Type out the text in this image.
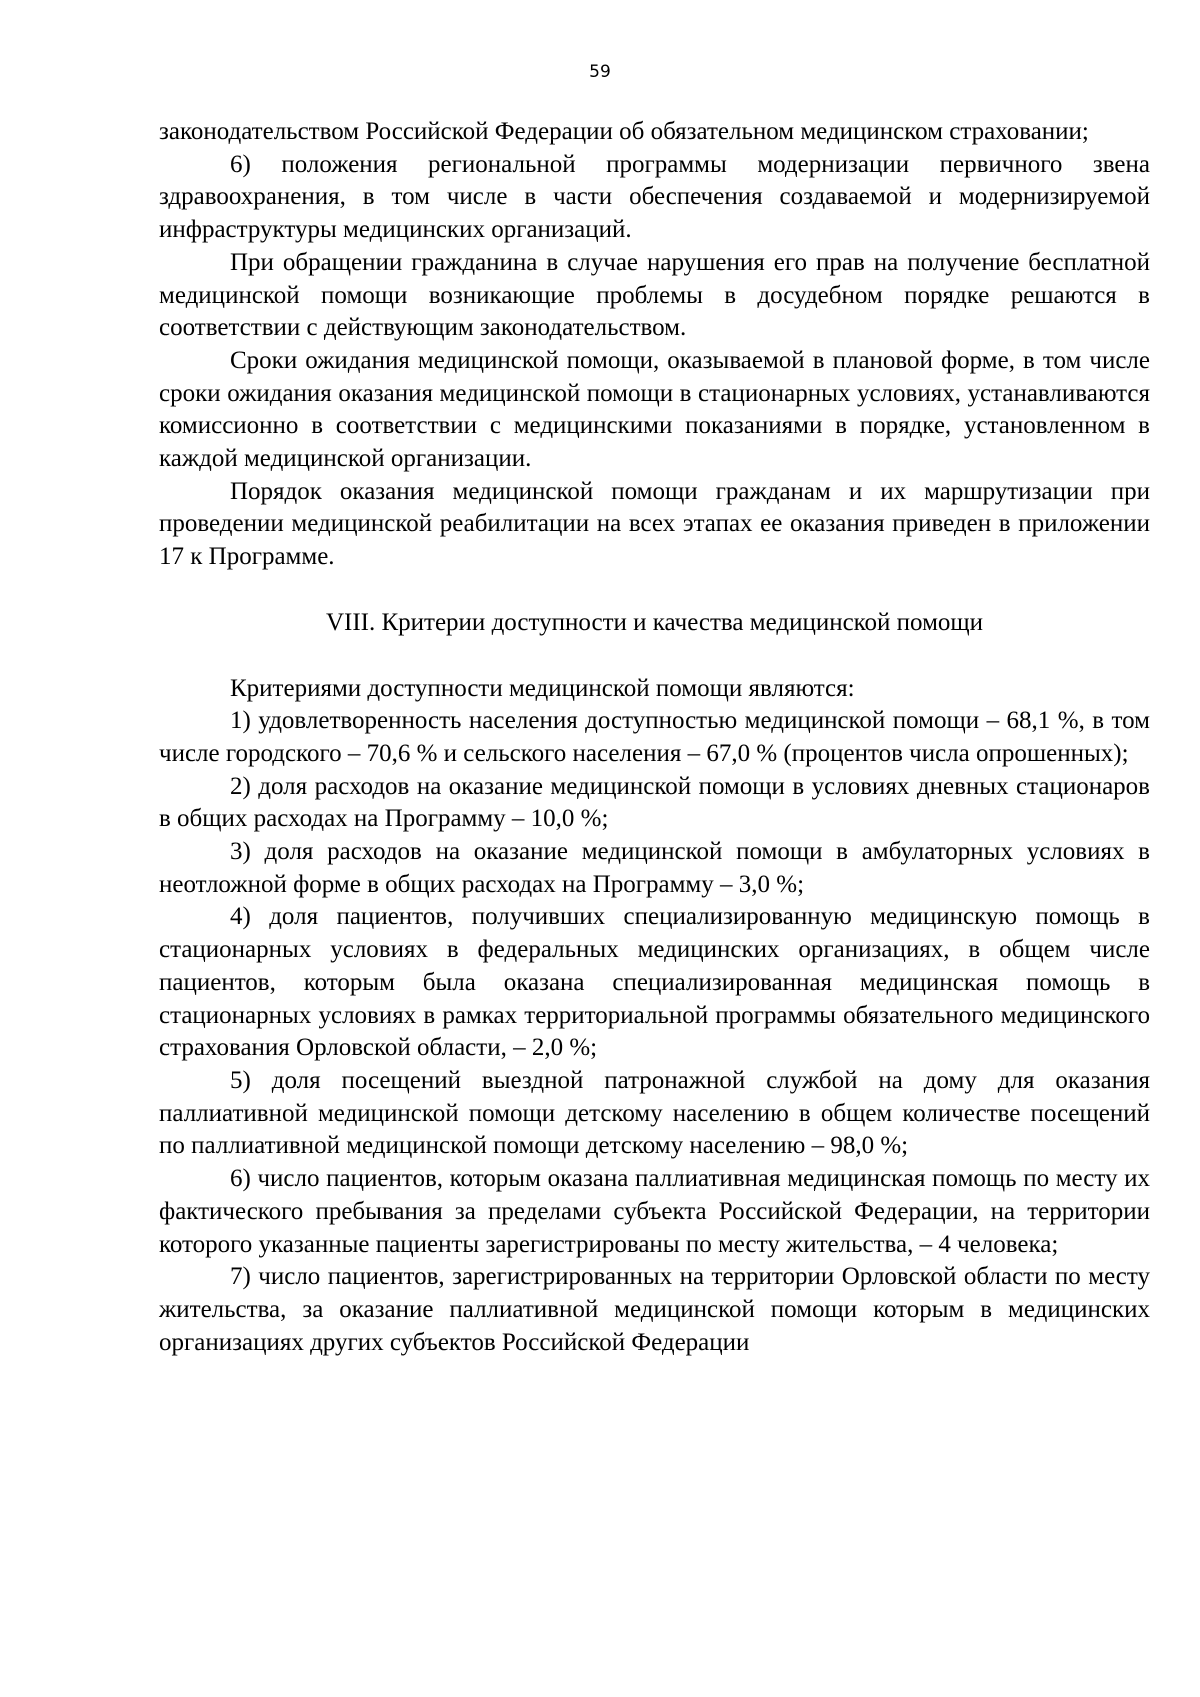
59

законодательством Российской Федерации об обязательном медицинском страховании;

6) положения региональной программы модернизации первичного звена здравоохранения, в том числе в части обеспечения создаваемой и модернизируемой инфраструктуры медицинских организаций.

При обращении гражданина в случае нарушения его прав на получение бесплатной медицинской помощи возникающие проблемы в досудебном порядке решаются в соответствии с действующим законодательством.

Сроки ожидания медицинской помощи, оказываемой в плановой форме, в том числе сроки ожидания оказания медицинской помощи в стационарных условиях, устанавливаются комиссионно в соответствии с медицинскими показаниями в порядке, установленном в каждой медицинской организации.

Порядок оказания медицинской помощи гражданам и их маршрутизации при проведении медицинской реабилитации на всех этапах ее оказания приведен в приложении 17 к Программе.

VIII. Критерии доступности и качества медицинской помощи

Критериями доступности медицинской помощи являются:

1) удовлетворенность населения доступностью медицинской помощи – 68,1 %, в том числе городского – 70,6 % и сельского населения – 67,0 % (процентов числа опрошенных);

2) доля расходов на оказание медицинской помощи в условиях дневных стационаров в общих расходах на Программу – 10,0 %;

3) доля расходов на оказание медицинской помощи в амбулаторных условиях в неотложной форме в общих расходах на Программу – 3,0 %;

4) доля пациентов, получивших специализированную медицинскую помощь в стационарных условиях в федеральных медицинских организациях, в общем числе пациентов, которым была оказана специализированная медицинская помощь в стационарных условиях в рамках территориальной программы обязательного медицинского страхования Орловской области, – 2,0 %;

5) доля посещений выездной патронажной службой на дому для оказания паллиативной медицинской помощи детскому населению в общем количестве посещений по паллиативной медицинской помощи детскому населению – 98,0 %;

6) число пациентов, которым оказана паллиативная медицинская помощь по месту их фактического пребывания за пределами субъекта Российской Федерации, на территории которого указанные пациенты зарегистрированы по месту жительства, – 4 человека;

7) число пациентов, зарегистрированных на территории Орловской области по месту жительства, за оказание паллиативной медицинской помощи которым в медицинских организациях других субъектов Российской Федерации
